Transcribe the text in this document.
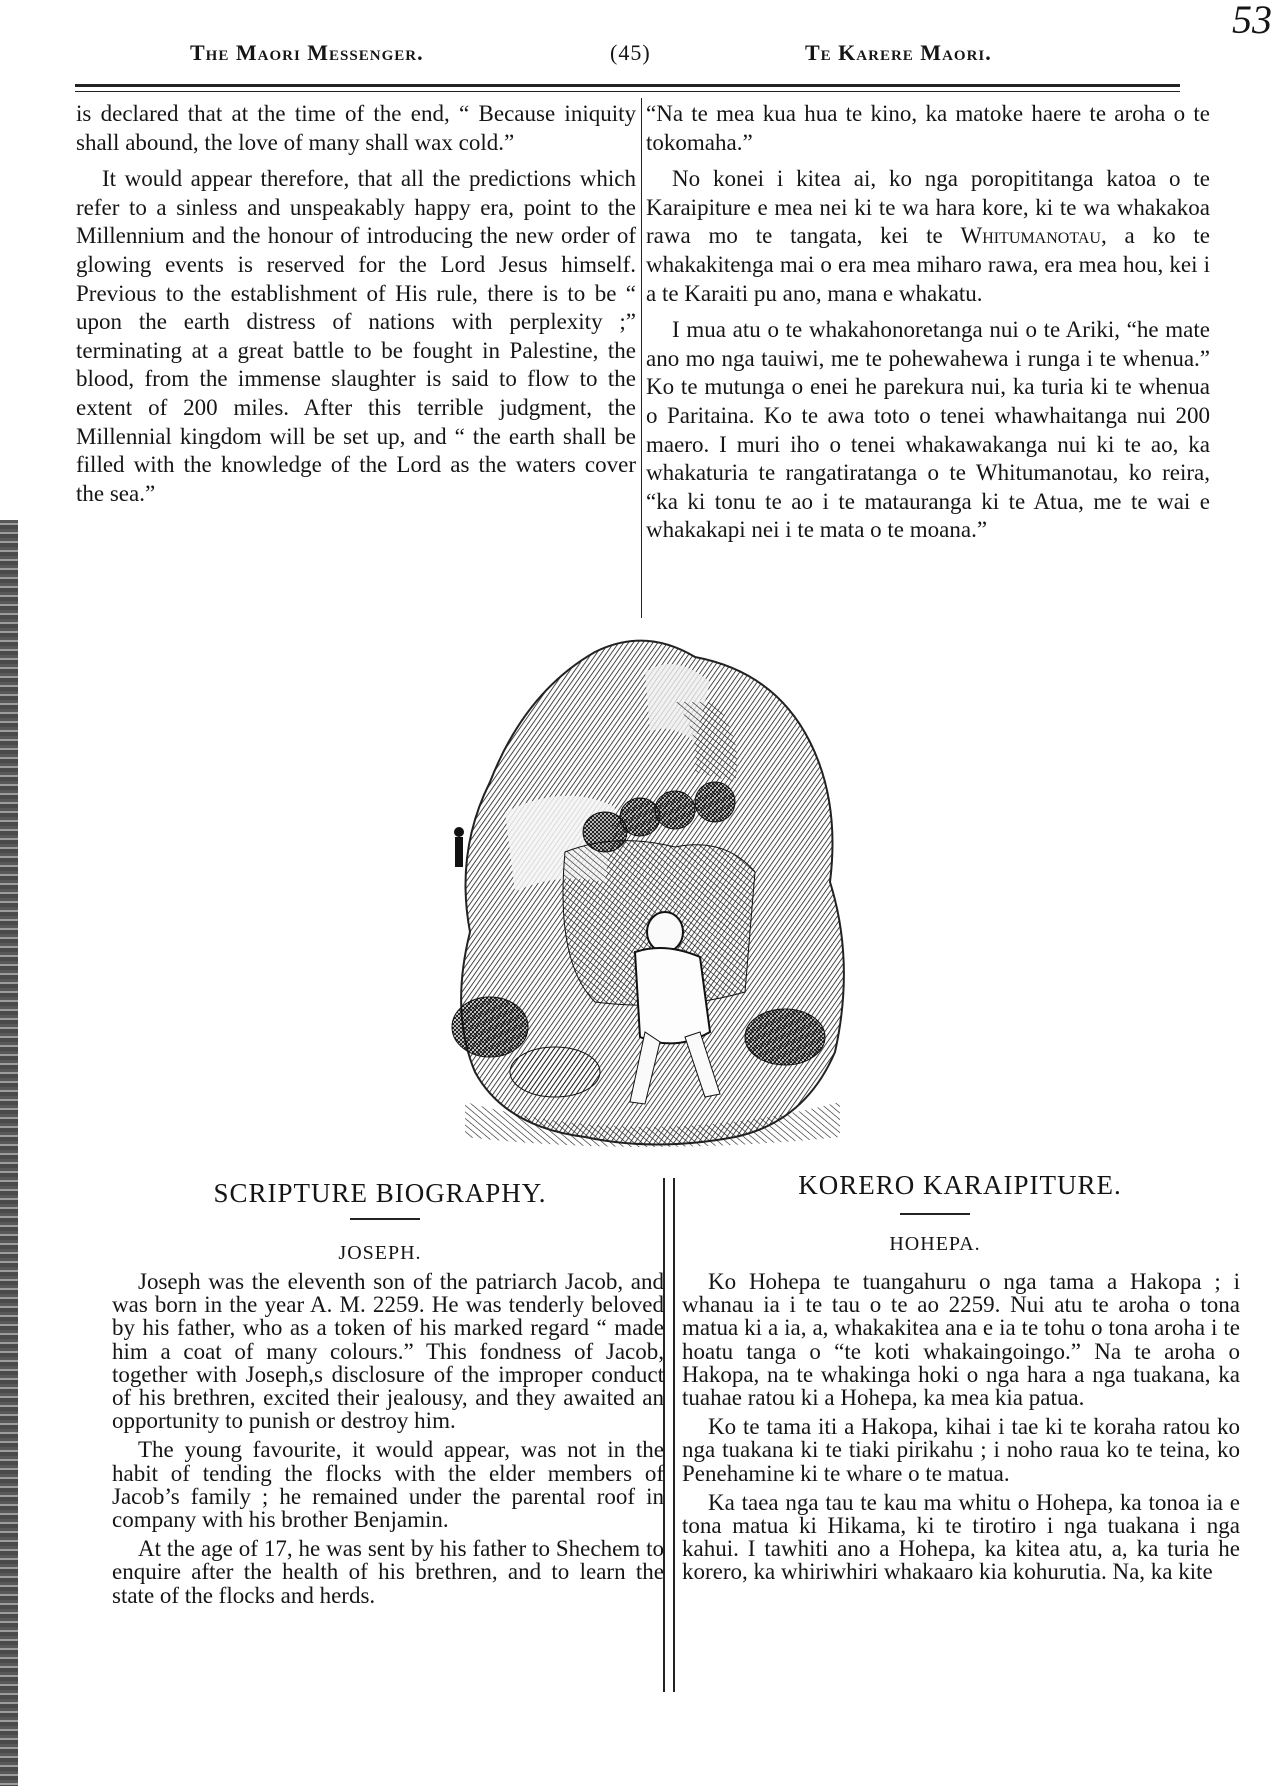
53
The Maori Messenger.	(45)	Te Karere Maori.

is declared that at the time of the end, “ Because iniquity shall abound, the love of many shall wax cold.”

It would appear therefore, that all the predictions which refer to a sinless and unspeakably happy era, point to the Millennium and the honour of introducing the new order of glowing events is reserved for the Lord Jesus himself. Previous to the establishment of His rule, there is to be “ upon the earth distress of nations with perplexity ;” terminating at a great battle to be fought in Palestine, the blood, from the immense slaughter is said to flow to the extent of 200 miles. After this terrible judgment, the Millennial kingdom will be set up, and “ the earth shall be filled with the knowledge of the Lord as the waters cover the sea.”

“Na te mea kua hua te kino, ka matoke haere te aroha o te tokomaha.”

No konei i kitea ai, ko nga poropititanga katoa o te Karaipiture e mea nei ki te wa hara kore, ki te wa whakakoa rawa mo te tangata, kei te Whitumanotau, a ko te whakakitenga mai o era mea miharo rawa, era mea hou, kei i a te Karaiti pu ano, mana e whakatu.

I mua atu o te whakahonoretanga nui o te Ariki, “he mate ano mo nga tauiwi, me te pohewahewa i runga i te whenua.” Ko te mutunga o enei he parekura nui, ka turia ki te whenua o Paritaina. Ko te awa toto o tenei whawhaitanga nui 200 maero. I muri iho o tenei whakawakanga nui ki te ao, ka whakaturia te rangatiratanga o te Whitumanotau, ko reira, “ka ki tonu te ao i te matauranga ki te Atua, me te wai e whakakapi nei i te mata o te moana.”

SCRIPTURE BIOGRAPHY.
JOSEPH.
KORERO KARAIPITURE.
HOHEPA.

Joseph was the eleventh son of the patriarch Jacob, and was born in the year A. M. 2259. He was tenderly beloved by his father, who as a token of his marked regard “ made him a coat of many colours.” This fondness of Jacob, together with Joseph,s disclosure of the improper conduct of his brethren, excited their jealousy, and they awaited an opportunity to punish or destroy him.

The young favourite, it would appear, was not in the habit of tending the flocks with the elder members of Jacob’s family ; he remained under the parental roof in company with his brother Benjamin.

At the age of 17, he was sent by his father to Shechem to enquire after the health of his brethren, and to learn the state of the flocks and herds.

Ko Hohepa te tuangahuru o nga tama a Hakopa ; i whanau ia i te tau o te ao 2259. Nui atu te aroha o tona matua ki a ia, a, whakakitea ana e ia te tohu o tona aroha i te hoatu tanga o “te koti whakaingoingo.” Na te aroha o Hakopa, na te whakinga hoki o nga hara a nga tuakana, ka tuahae ratou ki a Hohepa, ka mea kia patua.

Ko te tama iti a Hakopa, kihai i tae ki te koraha ratou ko nga tuakana ki te tiaki pirikahu ; i noho raua ko te teina, ko Penehamine ki te whare o te matua.

Ka taea nga tau te kau ma whitu o Hohepa, ka tonoa ia e tona matua ki Hikama, ki te tirotiro i nga tuakana i nga kahui. I tawhiti ano a Hohepa, ka kitea atu, a, ka turia he korero, ka whiriwhiri whakaaro kia kohurutia. Na, ka kite
